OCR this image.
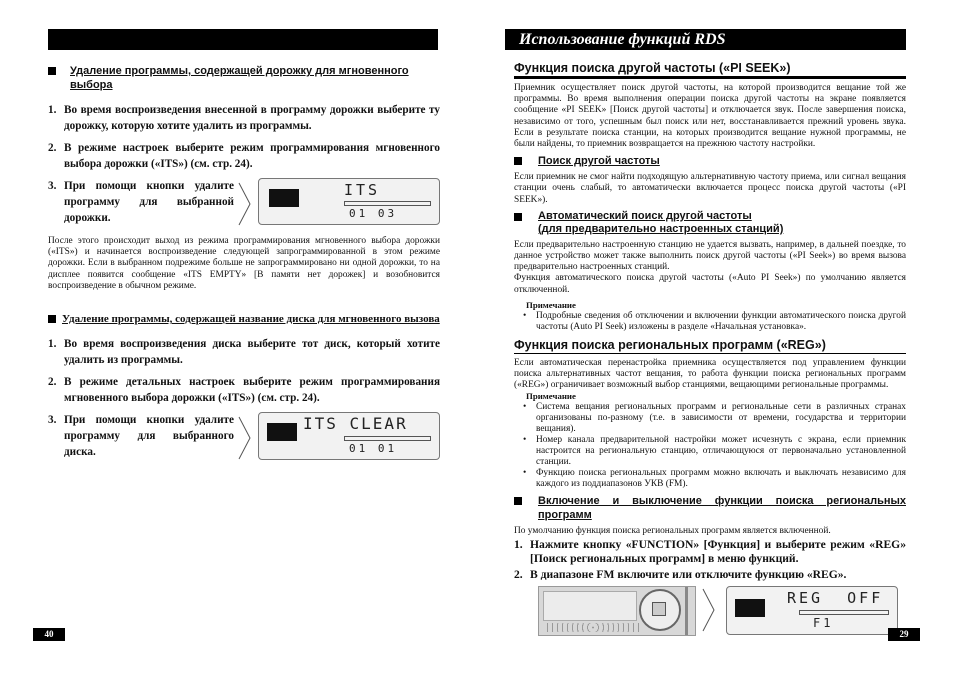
Удаление программы, содержащей дорожку для мгновенного выбора
1. Во время воспроизведения внесенной в программу дорожки выберите ту дорожку, которую хотите удалить из программы.
2. В режиме настроек выберите режим программирования мгновенного выбора дорожки («ITS») (см. стр. 24).
3. При помощи кнопки удалите программу для выбранной дорожки.
ITS
01 03
После этого происходит выход из режима программирования мгновенного выбора дорожки («ITS») и начинается воспроизведение следующей запрограммированной в этом режиме дорожки. Если в выбранном подрежиме больше не запрограммировано ни одной дорожки, то на дисплее появится сообщение «ITS EMPTY» [В памяти нет дорожек] и возобновится воспроизведение в обычном режиме.
Удаление программы, содержащей название диска для мгновенного вызова
1. Во время воспроизведения диска выберите тот диск, который хотите удалить из программы.
2. В режиме детальных настроек выберите режим программирования мгновенного выбора дорожки («ITS») (см. стр. 24).
3. При помощи кнопки удалите программу для выбранного диска.
ITS CLEAR
01 01
40
Использование функций RDS
Функция поиска другой частоты («PI SEEK»)
Приемник осуществляет поиск другой частоты, на которой производится вещание той же программы. Во время выполнения операции поиска другой частоты на экране появляется сообщение «PI SEEK» [Поиск другой частоты] и отключается звук. После завершения поиска, независимо от того, успешным был поиск или нет, восстанавливается прежний уровень звука. Если в результате поиска станции, на которых производится вещание нужной программы, не были найдены, то приемник возвращается на прежнюю частоту настройки.
Поиск другой частоты
Если приемник не смог найти подходящую альтернативную частоту приема, или сигнал вещания станции очень слабый, то автоматически включается процесс поиска другой частоты («PI SEEK»).
Автоматический поиск другой частоты
(для предварительно настроенных станций)
Если предварительно настроенную станцию не удается вызвать, например, в дальней поездке, то данное устройство может также выполнить поиск другой частоты («PI Seek») во время вызова предварительно настроенных станций.
Функция автоматического поиска другой частоты («Auto PI Seek») по умолчанию является отключенной.
Примечание
• Подробные сведения об отключении и включении функции автоматического поиска другой частоты (Auto PI Seek) изложены в разделе «Начальная установка».
Функция поиска региональных программ («REG»)
Если автоматическая перенастройка приемника осуществляется под управлением функции поиска альтернативных частот вещания, то работа функции поиска региональных программ («REG») ограничивает возможный выбор станциями, вещающими региональные программы.
Примечание
• Система вещания региональных программ и региональные сети в различных странах организованы по-разному (т.е. в зависимости от времени, государства и территории вещания).
• Номер канала предварительной настройки может исчезнуть с экрана, если приемник настроится на региональную станцию, отличающуюся от первоначально установленной станции.
• Функцию поиска региональных программ можно включать и выключать независимо для каждого из поддиапазонов УКВ (FM).
Включение и выключение функции поиска региональных программ
По умолчанию функция поиска региональных программ является включенной.
1. Нажмите кнопку «FUNCTION» [Функция] и выберите режим «REG» [Поиск региональных программ] в меню функций.
2. В диапазоне FM включите или отключите функцию «REG».
REG  OFF
F1
29
